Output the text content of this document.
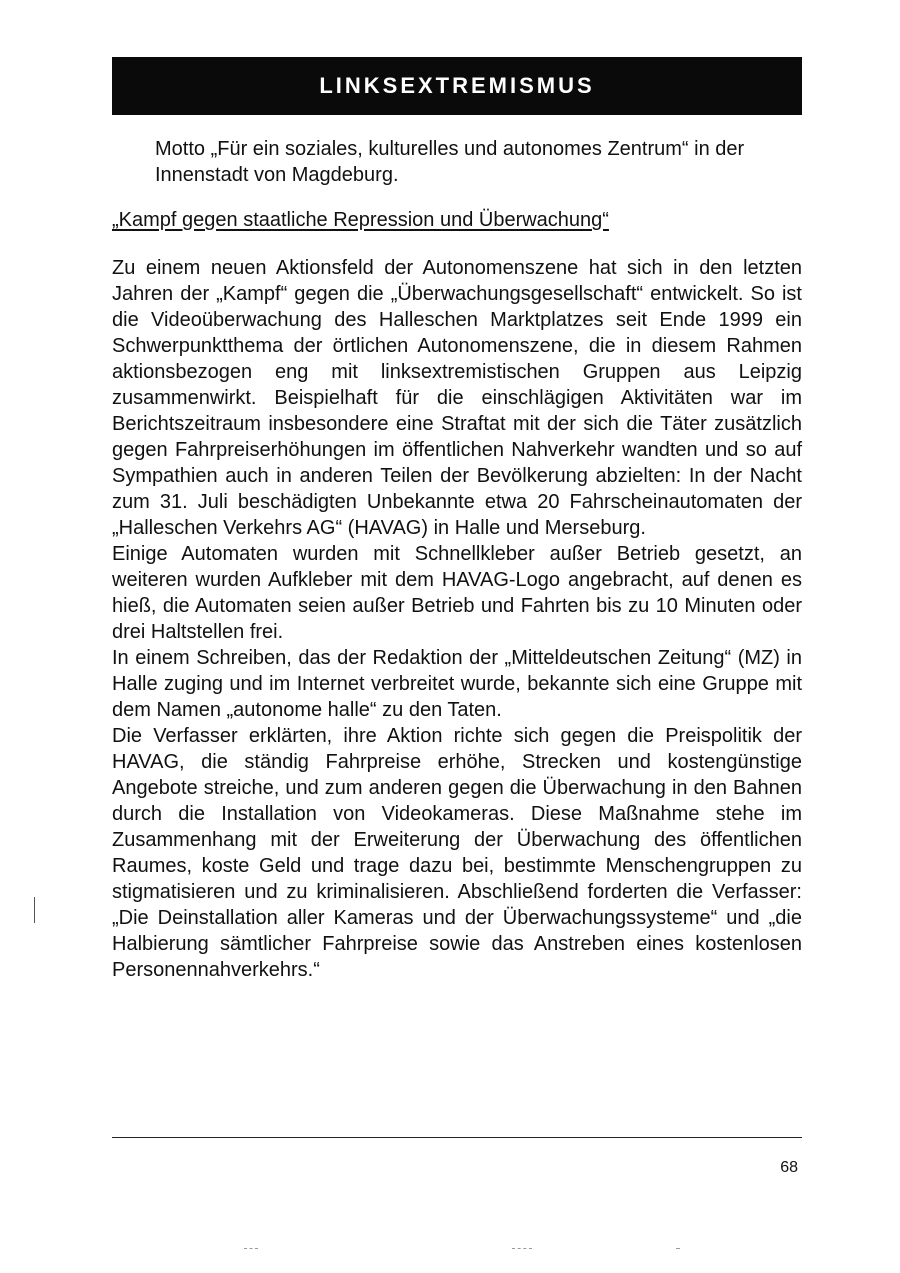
LINKSEXTREMISMUS

Motto „Für ein soziales, kulturelles und autonomes Zentrum“ in der Innenstadt von Magdeburg.

„Kampf gegen staatliche Repression und Überwachung“

Zu einem neuen Aktionsfeld der Autonomenszene hat sich in den letzten Jahren der „Kampf“ gegen die „Überwachungsgesellschaft“ entwickelt. So ist die Videoüberwachung des Halleschen Marktplatzes seit Ende 1999 ein Schwerpunktthema der örtlichen Autonomenszene, die in diesem Rahmen aktionsbezogen eng mit linksextremistischen Gruppen aus Leipzig zusammenwirkt. Beispielhaft für die einschlägigen Aktivitäten war im Berichtszeitraum insbesondere eine Straftat mit der sich die Täter zusätzlich gegen Fahrpreiserhöhungen im öffentlichen Nahverkehr wandten und so auf Sympathien auch in anderen Teilen der Bevölkerung abzielten: In der Nacht zum 31. Juli beschädigten Unbekannte etwa 20 Fahrscheinautomaten der „Halleschen Verkehrs AG“ (HAVAG) in Halle und Merseburg.

Einige Automaten wurden mit Schnellkleber außer Betrieb gesetzt, an weiteren wurden Aufkleber mit dem HAVAG-Logo angebracht, auf denen es hieß, die Automaten seien außer Betrieb und Fahrten bis zu 10 Minuten oder drei Haltstellen frei.

In einem Schreiben, das der Redaktion der „Mitteldeutschen Zeitung“ (MZ) in Halle zuging und im Internet verbreitet wurde, bekannte sich eine Gruppe mit dem Namen „autonome halle“ zu den Taten.

Die Verfasser erklärten, ihre Aktion richte sich gegen die Preispolitik der HAVAG, die ständig Fahrpreise erhöhe, Strecken und kostengünstige Angebote streiche, und zum anderen gegen die Überwachung in den Bahnen durch die Installation von Videokameras. Diese Maßnahme stehe im Zusammenhang mit der Erweiterung der Überwachung des öffentlichen Raumes, koste Geld und trage dazu bei, bestimmte Menschengruppen zu stigmatisieren und zu kriminalisieren. Abschließend forderten die Verfasser: „Die Deinstallation aller Kameras und der Überwachungssysteme“ und „die Halbierung sämtlicher Fahrpreise sowie das Anstreben eines kostenlosen Personennahverkehrs.“

68
